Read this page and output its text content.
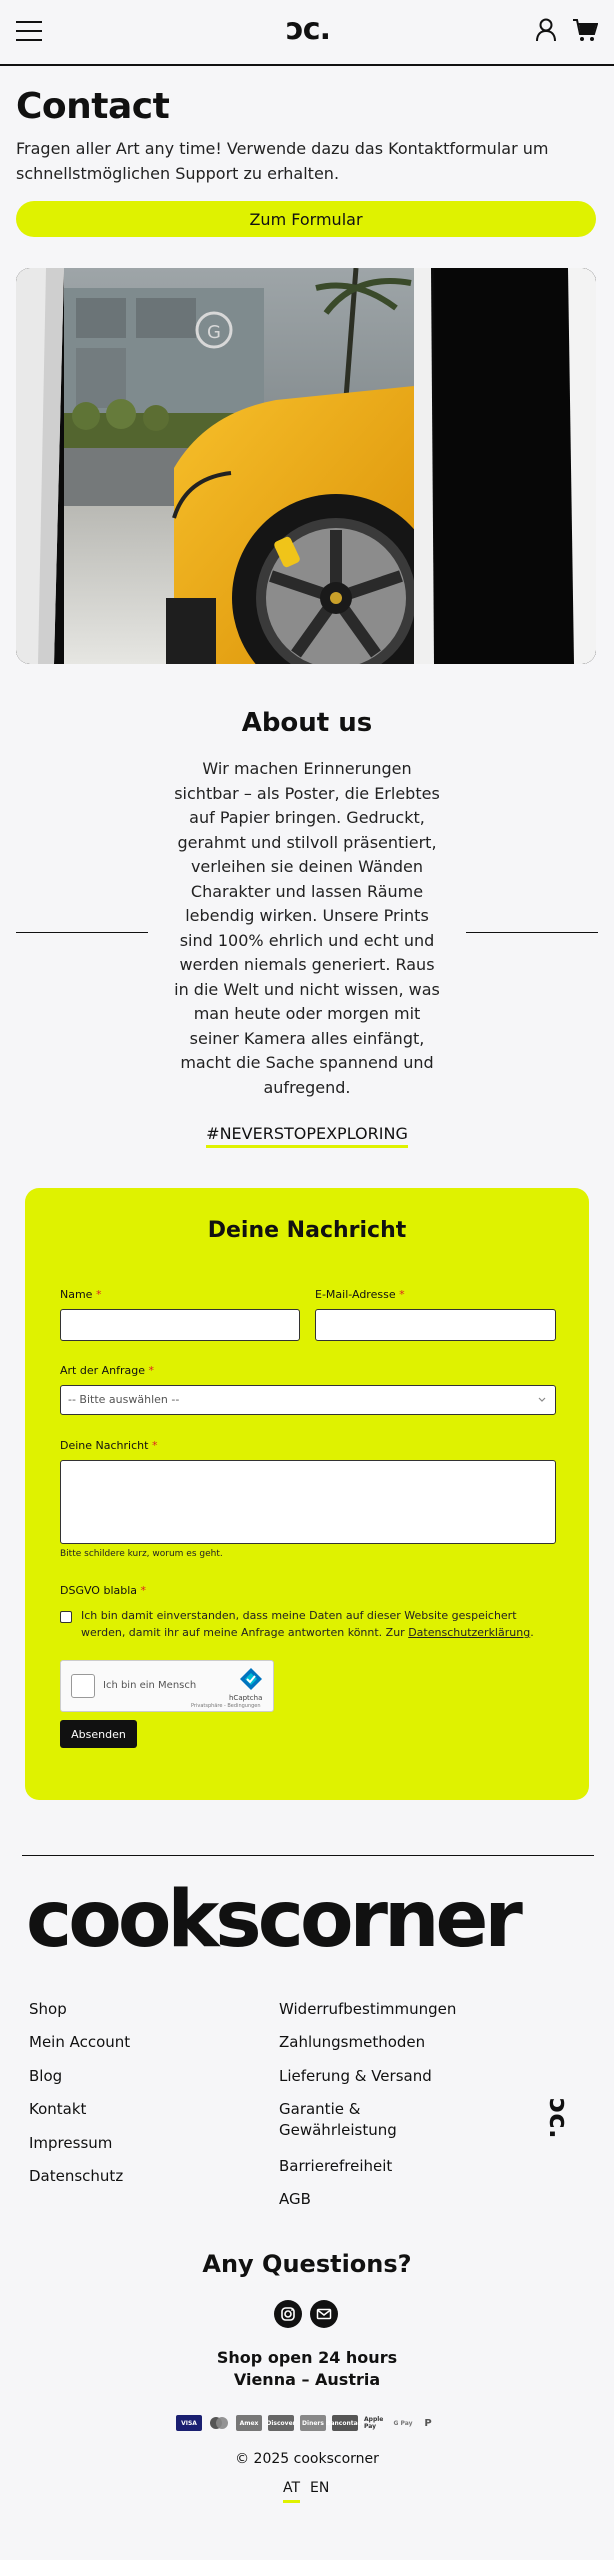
ɔc.
Contact

Fragen aller Art any time! Verwende dazu das Kontaktformular um schnellstmöglichen Support zu erhalten.

Zum Formular
G
About us

Wir machen Erinnerungen sichtbar – als Poster, die Erlebtes auf Papier bringen. Gedruckt, gerahmt und stilvoll präsentiert, verleihen sie deinen Wänden Charakter und lassen Räume lebendig wirken. Unsere Prints sind 100% ehrlich und echt und werden niemals generiert. Raus in die Welt und nicht wissen, was man heute oder morgen mit seiner Kamera alles einfängt, macht die Sache spannend und aufregend.

#NEVERSTOPEXPLORING
Deine Nachricht
Name *	E-Mail-Adresse *
Art der Anfrage *
-- Bitte auswählen --
Deine Nachricht *
Bitte schildere kurz, worum es geht.
DSGVO blabla *
Ich bin damit einverstanden, dass meine Daten auf dieser Website gespeichert werden, damit ihr auf meine Anfrage antworten könnt. Zur Datenschutzerklärung.
Ich bin ein Mensch
hCaptcha
Privatsphäre - Bedingungen
Absenden
cookscorner
Shop
Mein Account
Blog
Kontakt
Impressum
Datenschutz
Widerrufbestimmungen
Zahlungsmethoden
Lieferung & Versand
Garantie & Gewährleistung
Barrierefreiheit
AGB
ɔc.
Any Questions?
Shop open 24 hours
Vienna – Austria
VISA	Amex	Discover	Diners Bancontact Apple Pay	G Pay	P
© 2025 cookscorner
AT EN
